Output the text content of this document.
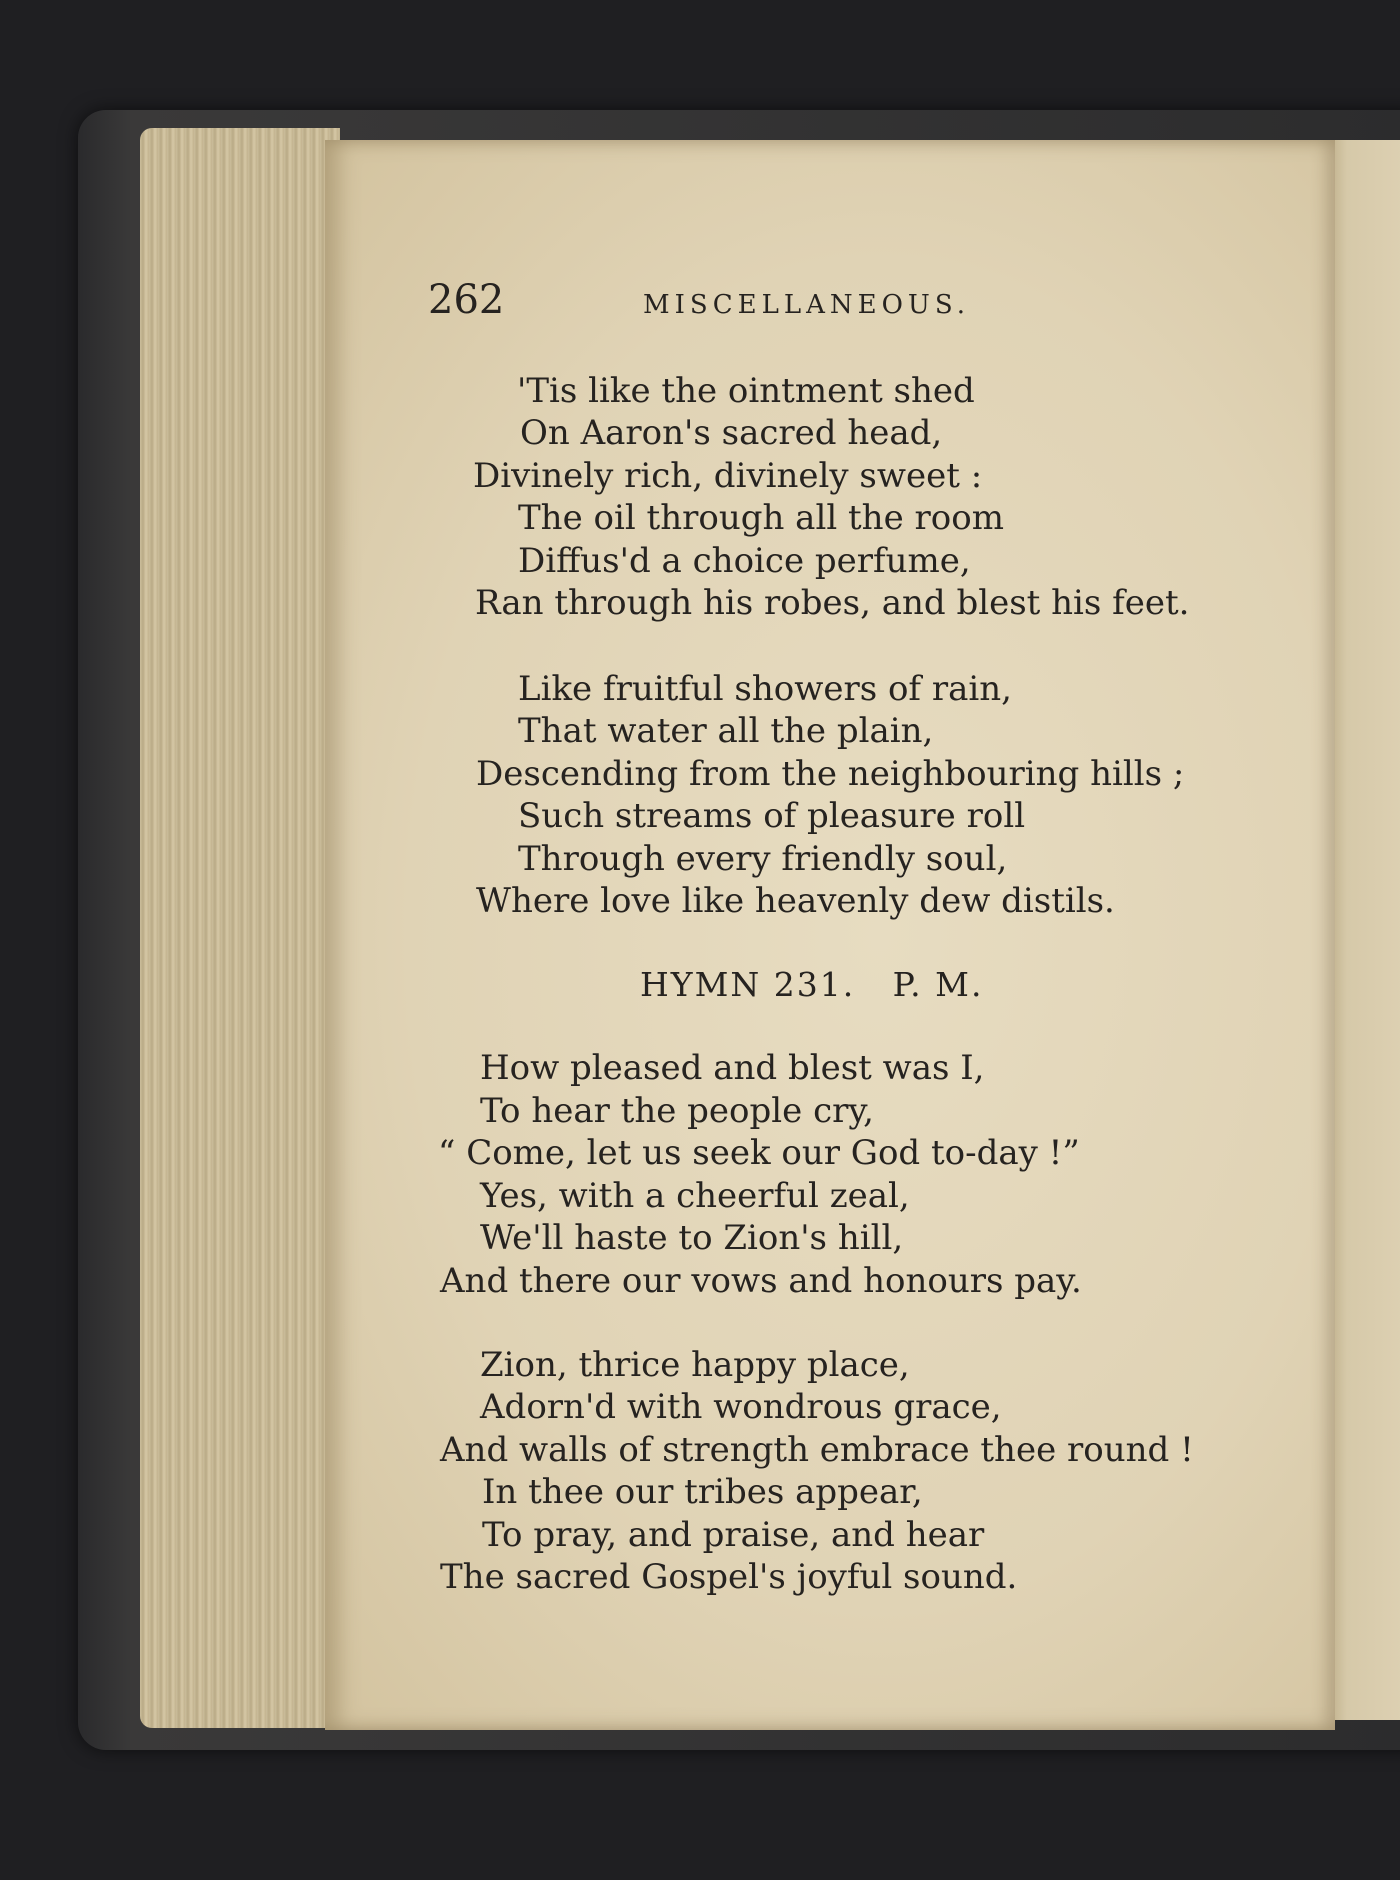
262	MISCELLANEOUS.
'Tis like the ointment shed
On Aaron's sacred head,
Divinely rich, divinely sweet :
The oil through all the room
Diffus'd a choice perfume,
Ran through his robes, and blest his feet.
Like fruitful showers of rain,
That water all the plain,
Descending from the neighbouring hills ;
Such streams of pleasure roll
Through every friendly soul,
Where love like heavenly dew distils.
HYMN 231.   P. M.
How pleased and blest was I,
To hear the people cry,
“ Come, let us seek our God to-day !”
Yes, with a cheerful zeal,
We'll haste to Zion's hill,
And there our vows and honours pay.
Zion, thrice happy place,
Adorn'd with wondrous grace,
And walls of strength embrace thee round !
In thee our tribes appear,
To pray, and praise, and hear
The sacred Gospel's joyful sound.
